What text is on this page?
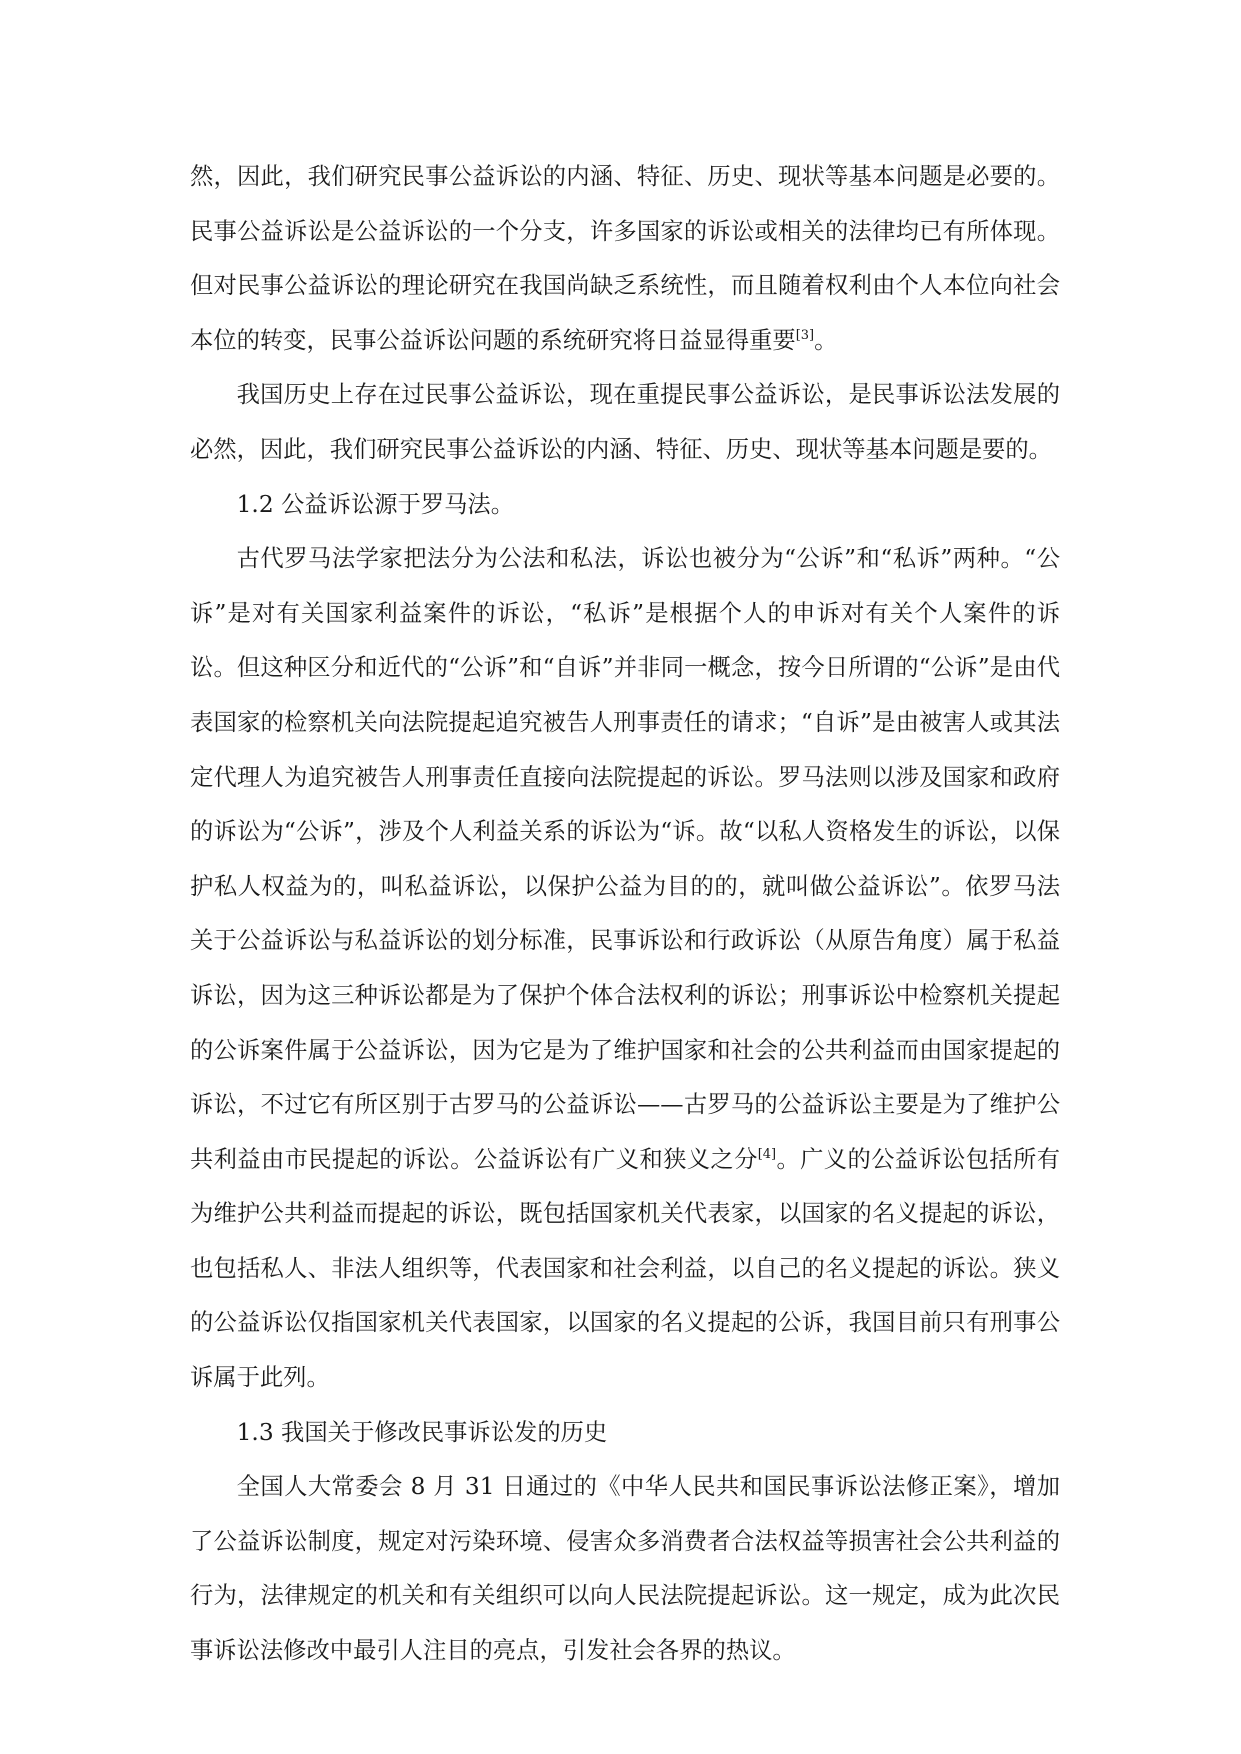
然，因此，我们研究民事公益诉讼的内涵、特征、历史、现状等基本问题是必要的。 民事公益诉讼是公益诉讼的一个分支，许多国家的诉讼或相关的法律均已有所体现。但对民事公益诉讼的理论研究在我国尚缺乏系统性，而且随着权利由个人本位向社会本位的转变，民事公益诉讼问题的系统研究将日益显得重要[3]。

我国历史上存在过民事公益诉讼，现在重提民事公益诉讼，是民事诉讼法发展的必然，因此，我们研究民事公益诉讼的内涵、特征、历史、现状等基本问题是要的。

1.2 公益诉讼源于罗马法。

古代罗马法学家把法分为公法和私法，诉讼也被分为“公诉”和“私诉”两种。“公诉”是对有关国家利益案件的诉讼，“私诉”是根据个人的申诉对有关个人案件的诉讼。但这种区分和近代的“公诉”和“自诉”并非同一概念，按今日所谓的“公诉”是由代表国家的检察机关向法院提起追究被告人刑事责任的请求；“自诉”是由被害人或其法定代理人为追究被告人刑事责任直接向法院提起的诉讼。罗马法则以涉及国家和政府的诉讼为“公诉”，涉及个人利益关系的诉讼为“诉。故“以私人资格发生的诉讼，以保护私人权益为的，叫私益诉讼，以保护公益为目的的，就叫做公益诉讼”。依罗马法关于公益诉讼与私益诉讼的划分标准，民事诉讼和行政诉讼（从原告角度）属于私益诉讼，因为这三种诉讼都是为了保护个体合法权利的诉讼；刑事诉讼中检察机关提起的公诉案件属于公益诉讼，因为它是为了维护国家和社会的公共利益而由国家提起的诉讼，不过它有所区别于古罗马的公益诉讼——古罗马的公益诉讼主要是为了维护公共利益由市民提起的诉讼。公益诉讼有广义和狭义之分[4]。广义的公益诉讼包括所有为维护公共利益而提起的诉讼，既包括国家机关代表家，以国家的名义提起的诉讼，也包括私人、非法人组织等，代表国家和社会利益，以自己的名义提起的诉讼。狭义的公益诉讼仅指国家机关代表国家，以国家的名义提起的公诉，我国目前只有刑事公诉属于此列。

1.3 我国关于修改民事诉讼发的历史

全国人大常委会 8 月 31 日通过的《中华人民共和国民事诉讼法修正案》，增加了公益诉讼制度，规定对污染环境、侵害众多消费者合法权益等损害社会公共利益的行为，法律规定的机关和有关组织可以向人民法院提起诉讼。这一规定，成为此次民事诉讼法修改中最引人注目的亮点，引发社会各界的热议。
